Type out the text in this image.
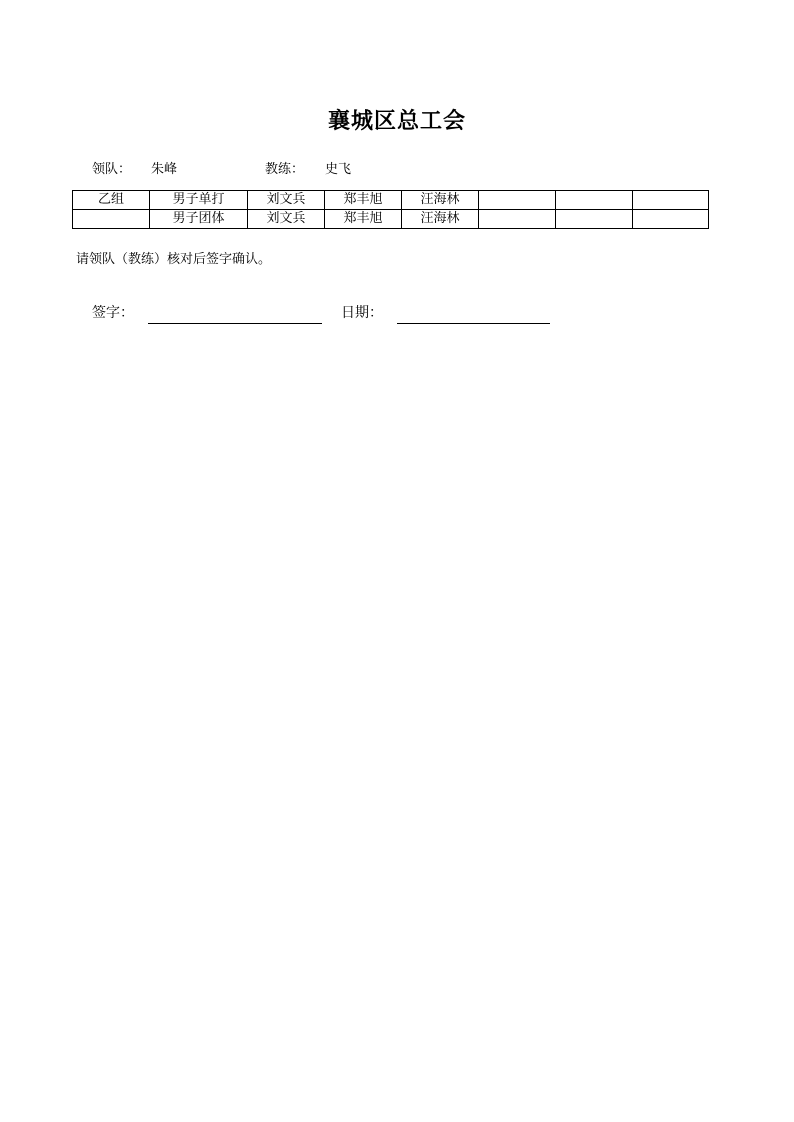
襄城区总工会
领队： 朱峰	教练： 史飞
乙组	男子单打	刘文兵	郑丰旭	汪海林			
	男子团体	刘文兵	郑丰旭	汪海林			
请领队（教练）核对后签字确认。
签字：	日期：
